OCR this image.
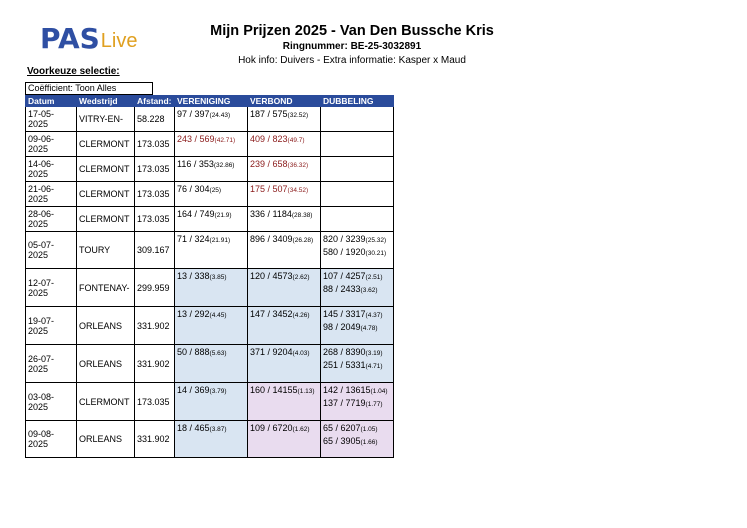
PAS Live	Mijn Prijzen 2025 - Van Den Bussche Kris
Ringnummer: BE-25-3032891
Hok info: Duivers - Extra informatie: Kasper x Maud
Voorkeuze selectie:
Coëfficient: Toon Alles
Datum	Wedstrijd	Afstand:	VERENIGING	VERBOND	DUBBELING
17-05-2025	VITRY-EN-	58.228	97 / 397(24.43)	187 / 575(32.52)	

09-06-2025	CLERMONT	173.035	243 / 569(42.71)	409 / 823(49.7)	

14-06-2025	CLERMONT	173.035	116 / 353(32.86)	239 / 658(36.32)	

21-06-2025	CLERMONT	173.035	76 / 304(25)	175 / 507(34.52)	

28-06-2025	CLERMONT	173.035	164 / 749(21.9)	336 / 1184(28.38)	

05-07-2025	TOURY	309.167	71 / 324(21.91)	896 / 3409(26.28)	820 / 3239(25.32)
580 / 1920(30.21)

12-07-2025	FONTENAY-	299.959	13 / 338(3.85)	120 / 4573(2.62)	107 / 4257(2.51)
88 / 2433(3.62)

19-07-2025	ORLEANS	331.902	13 / 292(4.45)	147 / 3452(4.26)	145 / 3317(4.37)
98 / 2049(4.78)

26-07-2025	ORLEANS	331.902	50 / 888(5.63)	371 / 9204(4.03)	268 / 8390(3.19)
251 / 5331(4.71)

03-08-2025	CLERMONT	173.035	14 / 369(3.79)	160 / 14155(1.13)	142 / 13615(1.04)
137 / 7719(1.77)

09-08-2025	ORLEANS	331.902	18 / 465(3.87)	109 / 6720(1.62)	65 / 6207(1.05)
65 / 3905(1.66)
